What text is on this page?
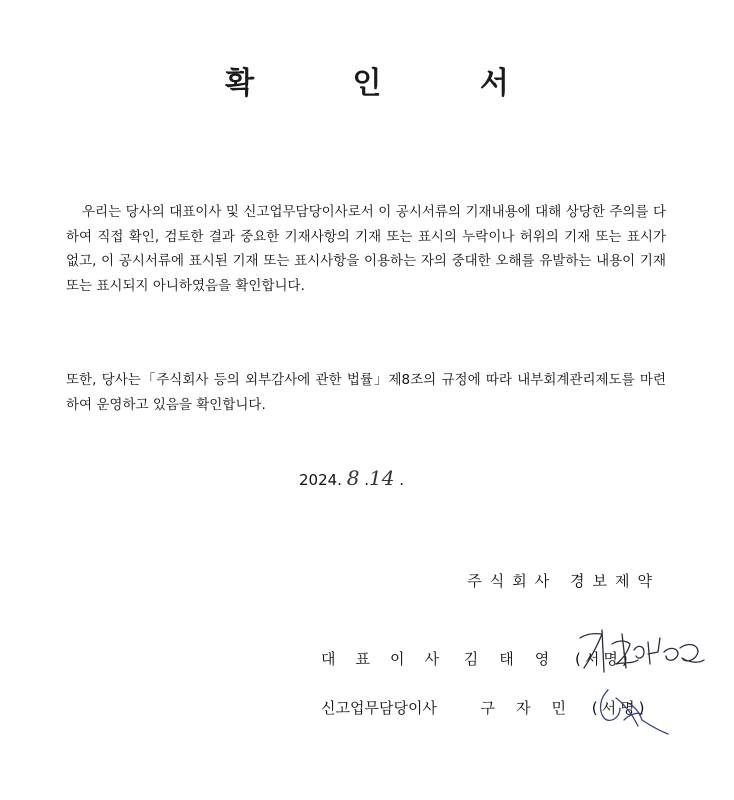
확 인 서
우리는 당사의 대표이사 및 신고업무담당이사로서 이 공시서류의 기재내용에 대해 상당한 주의를 다하여 직접 확인, 검토한 결과 중요한 기재사항의 기재 또는 표시의 누락이나 허위의 기재 또는 표시가 없고, 이 공시서류에 표시된 기재 또는 표시사항을 이용하는 자의 중대한 오해를 유발하는 내용이 기재 또는 표시되지 아니하였음을 확인합니다.
또한, 당사는「주식회사 등의 외부감사에 관한 법률」제8조의 규정에 따라 내부회계관리제도를 마련하여 운영하고 있음을 확인합니다.
2024. 8 .14 .
주식회사 경보제약
대표이사 김태영 (서명)
신고업무담당이사	구자민 (서명)
